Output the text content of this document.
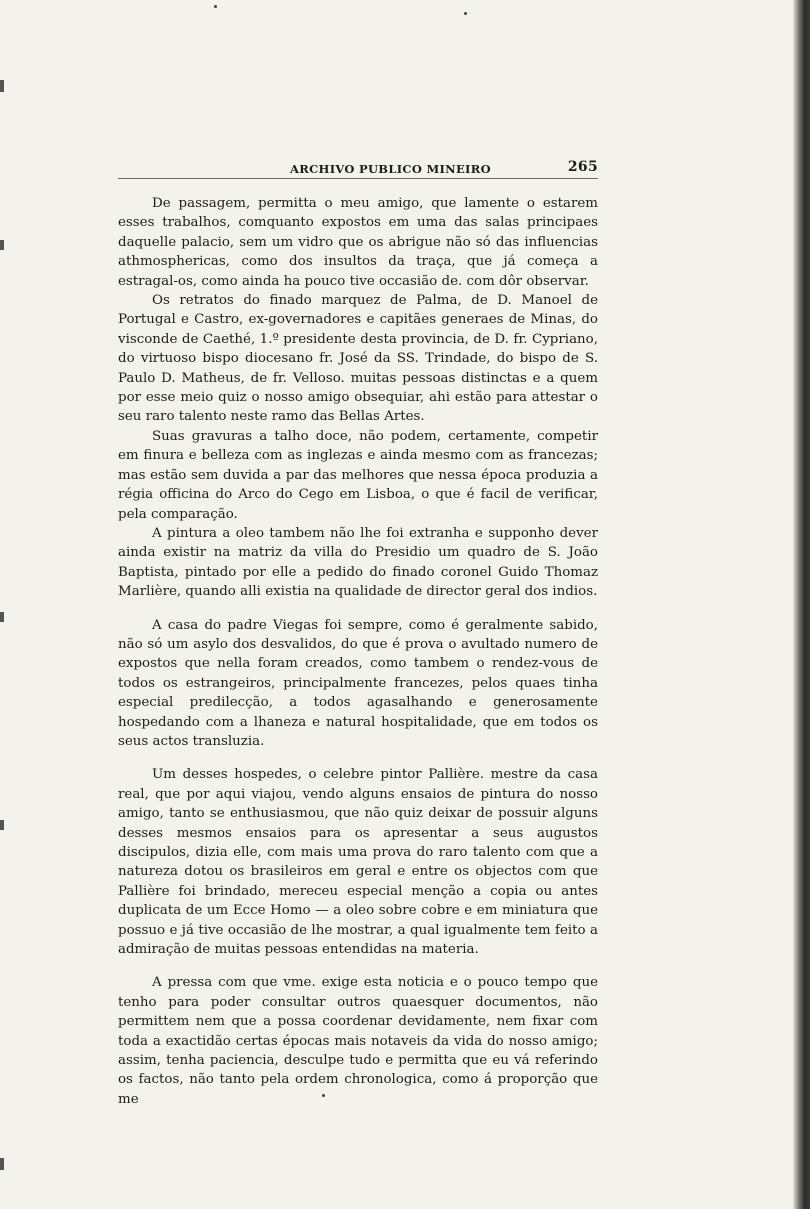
ARCHIVO PUBLICO MINEIRO	265

De passagem, permitta o meu amigo, que lamente o estarem esses trabalhos, comquanto expostos em uma das salas principaes daquelle palacio, sem um vidro que os abrigue não só das influencias athmosphericas, como dos insultos da traça, que já começa a estragal-os, como ainda ha pouco tive occasião de. com dôr observar.

Os retratos do finado marquez de Palma, de D. Manoel de Portugal e Castro, ex-governadores e capitães generaes de Minas, do visconde de Caethé, 1.º presidente desta provincia, de D. fr. Cypriano, do virtuoso bispo diocesano fr. José da SS. Trindade, do bispo de S. Paulo D. Matheus, de fr. Velloso. muitas pessoas distinctas e a quem por esse meio quiz o nosso amigo obsequiar, ahi estão para attestar o seu raro talento neste ramo das Bellas Artes.

Suas gravuras a talho doce, não podem, certamente, competir em finura e belleza com as inglezas e ainda mesmo com as francezas; mas estão sem duvida a par das melhores que nessa época produzia a régia officina do Arco do Cego em Lisboa, o que é facil de verificar, pela comparação.

A pintura a oleo tambem não lhe foi extranha e supponho dever ainda existir na matriz da villa do Presidio um quadro de S. João Baptista, pintado por elle a pedido do finado coronel Guido Thomaz Marlière, quando alli existia na qualidade de director geral dos indios.

A casa do padre Viegas foi sempre, como é geralmente sabido, não só um asylo dos desvalidos, do que é prova o avultado numero de expostos que nella foram creados, como tambem o rendez-vous de todos os estrangeiros, principalmente francezes, pelos quaes tinha especial predilecção, a todos agasalhando e generosamente hospedando com a lhaneza e natural hospitalidade, que em todos os seus actos transluzia.

Um desses hospedes, o celebre pintor Pallière. mestre da casa real, que por aqui viajou, vendo alguns ensaios de pintura do nosso amigo, tanto se enthusiasmou, que não quiz deixar de possuir alguns desses mesmos ensaios para os apresentar a seus augustos discipulos, dizia elle, com mais uma prova do raro talento com que a natureza dotou os brasileiros em geral e entre os objectos com que Pallière foi brindado, mereceu especial menção a copia ou antes duplicata de um Ecce Homo — a oleo sobre cobre e em miniatura que possuo e já tive occasião de lhe mostrar, a qual igualmente tem feito a admiração de muitas pessoas entendidas na materia.

A pressa com que vme. exige esta noticia e o pouco tempo que tenho para poder consultar outros quaesquer documentos, não permittem nem que a possa coordenar devidamente, nem fixar com toda a exactidão certas épocas mais notaveis da vida do nosso amigo; assim, tenha paciencia, desculpe tudo e permitta que eu vá referindo os factos, não tanto pela ordem chronologica, como á proporção que me
